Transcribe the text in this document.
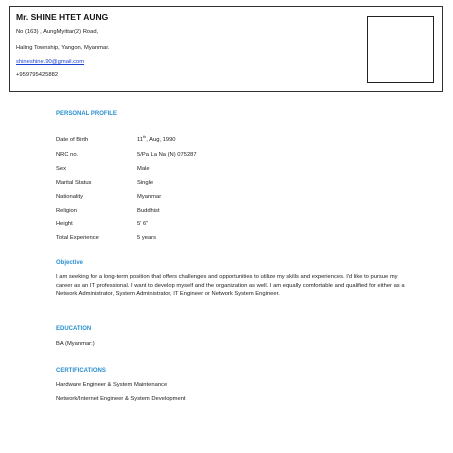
Mr. SHINE HTET AUNG
No (163) , AungMyittar(2) Road,
Haling Township, Yangon, Myanmar.
shineshine.90@gmail.com
+959795425882
PERSONAL PROFILE
Date of Birth	11th, Aug, 1990
NRC no.	5/Pa La Na (N) 075287
Sex	Male
Marital Status	Single
Nationality	Myanmar
Religion	Buddhist
Height	5' 6"
Total Experience	5 years
Objective
I am seeking for a long-term position that offers challenges and opportunities to utilize my skills and experiences. I'd like to pursue my career as an IT professional. I want to develop myself and the organization as well. I am equally comfortable and qualified for either as a Network Administrator, System Administrator, IT Engineer or Network System Engineer.
EDUCATION
BA (Myanmar:)
CERTIFICATIONS
Hardware Engineer & System Maintenance
Network/Internet Engineer & System Development
